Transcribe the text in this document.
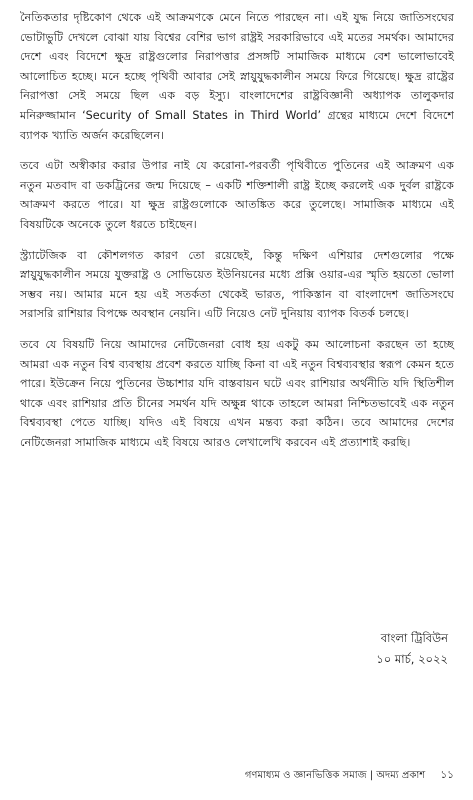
নৈতিকতার দৃষ্টিকোণ থেকে এই আক্রমণকে মেনে নিতে পারছেন না। এই যুদ্ধ নিয়ে জাতিসংঘের ভোটাভুটি দেখলে বোঝা যায় বিশ্বের বেশির ভাগ রাষ্ট্রই সরকারিভাবে এই মতের সমর্থক। আমাদের দেশে এবং বিদেশে ক্ষুদ্র রাষ্ট্রগুলোর নিরাপত্তার প্রসঙ্গটি সামাজিক মাধ্যমে বেশ ভালোভাবেই আলোচিত হচ্ছে। মনে হচ্ছে পৃথিবী আবার সেই স্নায়ুযুদ্ধকালীন সময়ে ফিরে গিয়েছে। ক্ষুদ্র রাষ্ট্রের নিরাপত্তা সেই সময়ে ছিল এক বড় ইস্যু। বাংলাদেশের রাষ্ট্রবিজ্ঞানী অধ্যাপক তালুকদার মনিরুজ্জামান ‘Security of Small States in Third World’ গ্রন্থের মাধ্যমে দেশে বিদেশে ব্যাপক খ্যাতি অর্জন করেছিলেন।

তবে এটা অস্বীকার করার উপার নাই যে করোনা-পরবর্তী পৃথিবীতে পুতিনের এই আক্রমণ এক নতুন মতবাদ বা ডকট্রিনের জন্ম দিয়েছে – একটি শক্তিশালী রাষ্ট্র ইচ্ছে করলেই এক দুর্বল রাষ্ট্রকে আক্রমণ করতে পারে। যা ক্ষুদ্র রাষ্ট্রগুলোকে আতঙ্কিত করে তুলেছে। সামাজিক মাধ্যমে এই বিষয়টিকে অনেকে তুলে ধরতে চাইছেন।

স্ট্র্যাটেজিক বা কৌশলগত কারণ তো রয়েছেই, কিন্তু দক্ষিণ এশিয়ার দেশগুলোর পক্ষে স্নায়ুযুদ্ধকালীন সময়ে যুক্তরাষ্ট্র ও সোভিয়েত ইউনিয়নের মধ্যে প্রক্সি ওয়ার-এর স্মৃতি হয়তো ভোলা সম্ভব নয়। আমার মনে হয় এই সতর্কতা থেকেই ভারত, পাকিস্তান বা বাংলাদেশ জাতিসংঘে সরাসরি রাশিয়ার বিপক্ষে অবস্থান নেয়নি। এটি নিয়েও নেট দুনিয়ায় ব্যাপক বিতর্ক চলছে।

তবে যে বিষয়টি নিয়ে আমাদের নেটিজেনরা বোধ হয় একটু কম আলোচনা করছেন তা হচ্ছে আমরা এক নতুন বিশ্ব ব্যবস্থায় প্রবেশ করতে যাচ্ছি কিনা বা এই নতুন বিশ্বব্যবস্থার স্বরূপ কেমন হতে পারে। ইউক্রেন নিয়ে পুতিনের উচ্চাশার যদি বাস্তবায়ন ঘটে এবং রাশিয়ার অর্থনীতি যদি স্থিতিশীল থাকে এবং রাশিয়ার প্রতি চীনের সমর্থন যদি অক্ষুন্ন থাকে তাহলে আমরা নিশ্চিতভাবেই এক নতুন বিশ্বব্যবস্থা পেতে যাচ্ছি। যদিও এই বিষয়ে এখন মন্তব্য করা কঠিন। তবে আমাদের দেশের নেটিজেনরা সামাজিক মাধ্যমে এই বিষয়ে আরও লেখালেখি করবেন এই প্রত্যাশাই করছি।

বাংলা ট্রিবিউন
১০ মার্চ, ২০২২
গণমাধ্যম ও জ্ঞানভিত্তিক সমাজ | অদম্য প্রকাশ ১১
